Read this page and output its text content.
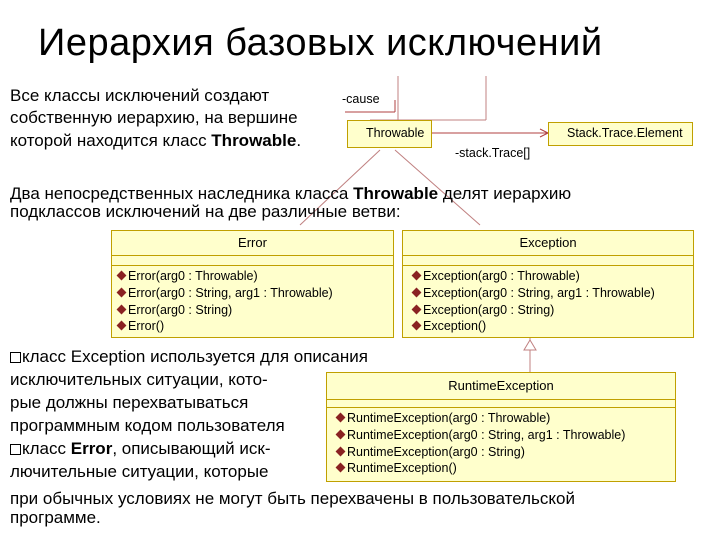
Иерархия базовых исключений
Все классы исключений создают
собственную иерархию, на вершине
которой находится класс Throwable.
-cause
Throwable	Stack.Trace.Element
-stack.Trace[]
Два непосредственных наследника класса Throwable делят иерархию
подклассов исключений на две различные ветви:
Error
Error(arg0 : Throwable)
Error(arg0 : String, arg1 : Throwable)
Error(arg0 : String)
Error()
Exception
Exception(arg0 : Throwable)
Exception(arg0 : String, arg1 : Throwable)
Exception(arg0 : String)
Exception()
RuntimeException
RuntimeException(arg0 : Throwable)
RuntimeException(arg0 : String, arg1 : Throwable)
RuntimeException(arg0 : String)
RuntimeException()
класс Exception используется для описания
исключительных ситуации, кото-
рые должны перехватываться
программным кодом пользователя
класс Error, описывающий иск-
лючительные ситуации, которые
при обычных условиях не могут быть перехвачены в пользовательской
программе.
